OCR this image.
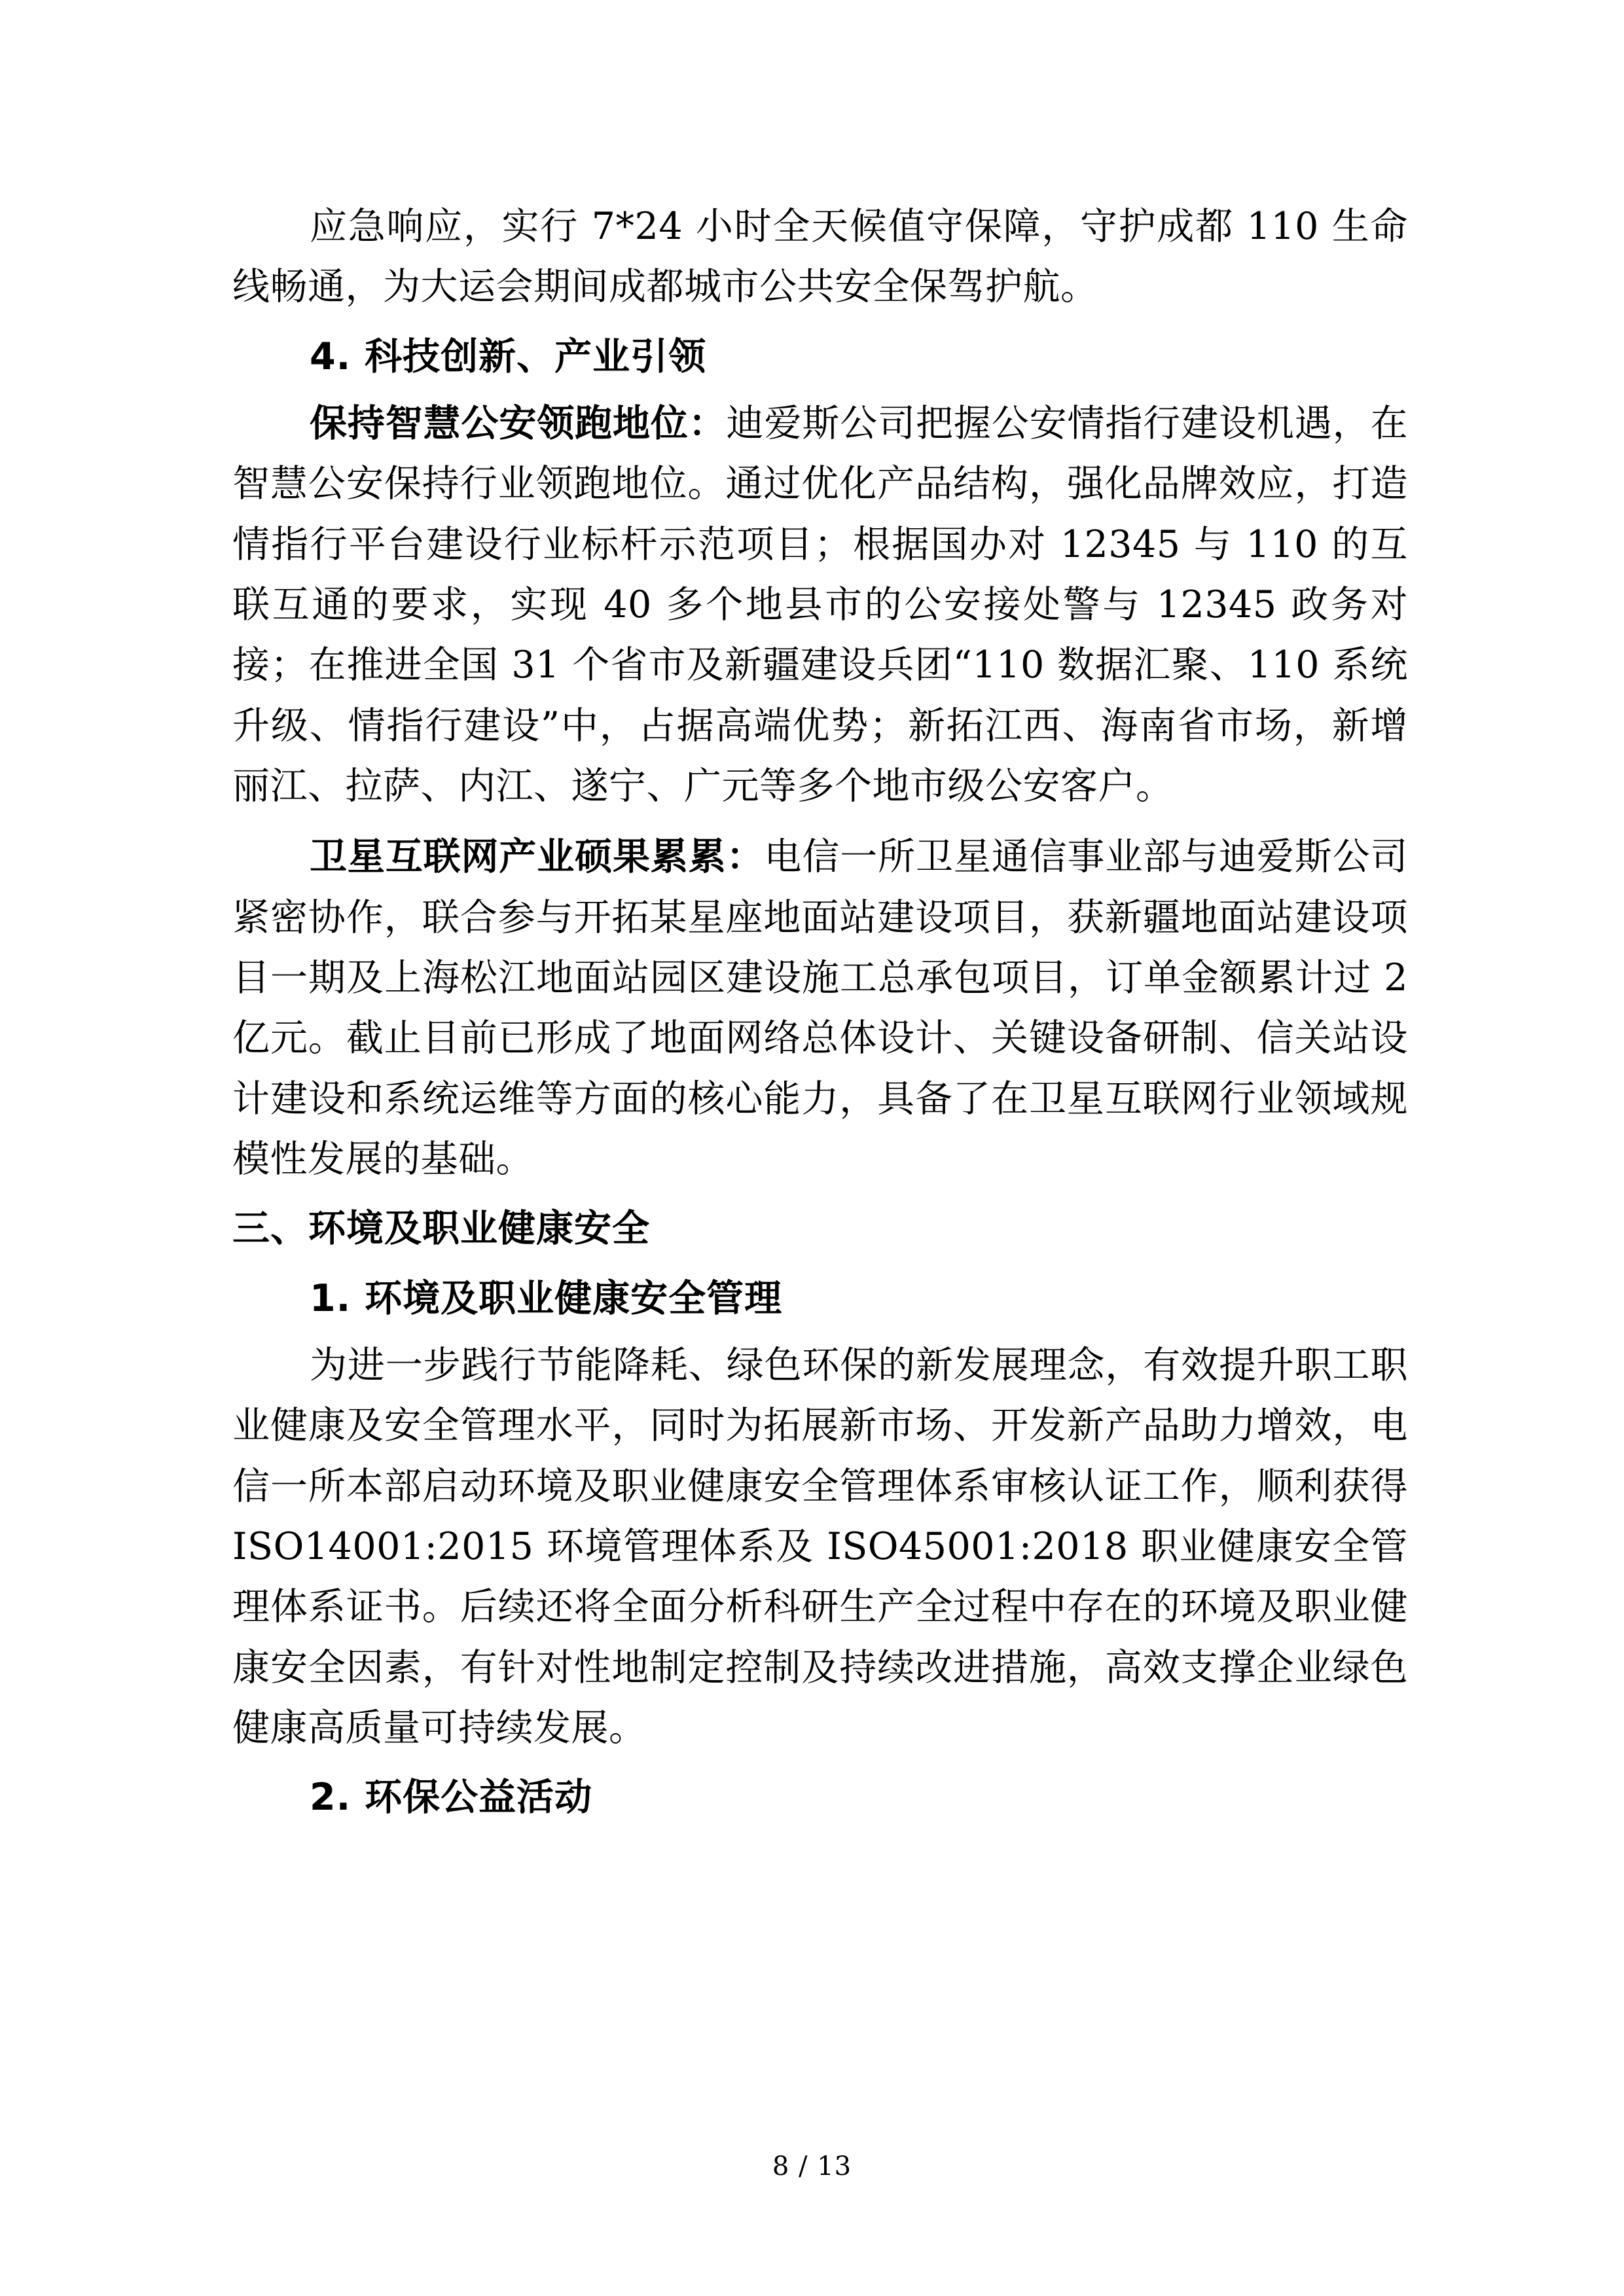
应急响应，实行 7*24 小时全天候值守保障，守护成都 110 生命线畅通，为大运会期间成都城市公共安全保驾护航。

4. 科技创新、产业引领

保持智慧公安领跑地位：迪爱斯公司把握公安情指行建设机遇，在智慧公安保持行业领跑地位。通过优化产品结构，强化品牌效应，打造情指行平台建设行业标杆示范项目；根据国办对 12345 与 110 的互联互通的要求，实现 40 多个地县市的公安接处警与 12345 政务对接；在推进全国 31 个省市及新疆建设兵团“110 数据汇聚、110 系统升级、情指行建设”中，占据高端优势；新拓江西、海南省市场，新增丽江、拉萨、内江、遂宁、广元等多个地市级公安客户。

卫星互联网产业硕果累累：电信一所卫星通信事业部与迪爱斯公司紧密协作，联合参与开拓某星座地面站建设项目，获新疆地面站建设项目一期及上海松江地面站园区建设施工总承包项目，订单金额累计过 2 亿元。截止目前已形成了地面网络总体设计、关键设备研制、信关站设计建设和系统运维等方面的核心能力，具备了在卫星互联网行业领域规模性发展的基础。

三、环境及职业健康安全

1. 环境及职业健康安全管理

为进一步践行节能降耗、绿色环保的新发展理念，有效提升职工职业健康及安全管理水平，同时为拓展新市场、开发新产品助力增效，电信一所本部启动环境及职业健康安全管理体系审核认证工作，顺利获得 ISO14001:2015 环境管理体系及 ISO45001:2018 职业健康安全管理体系证书。后续还将全面分析科研生产全过程中存在的环境及职业健康安全因素，有针对性地制定控制及持续改进措施，高效支撑企业绿色健康高质量可持续发展。

2. 环保公益活动

8 / 13
